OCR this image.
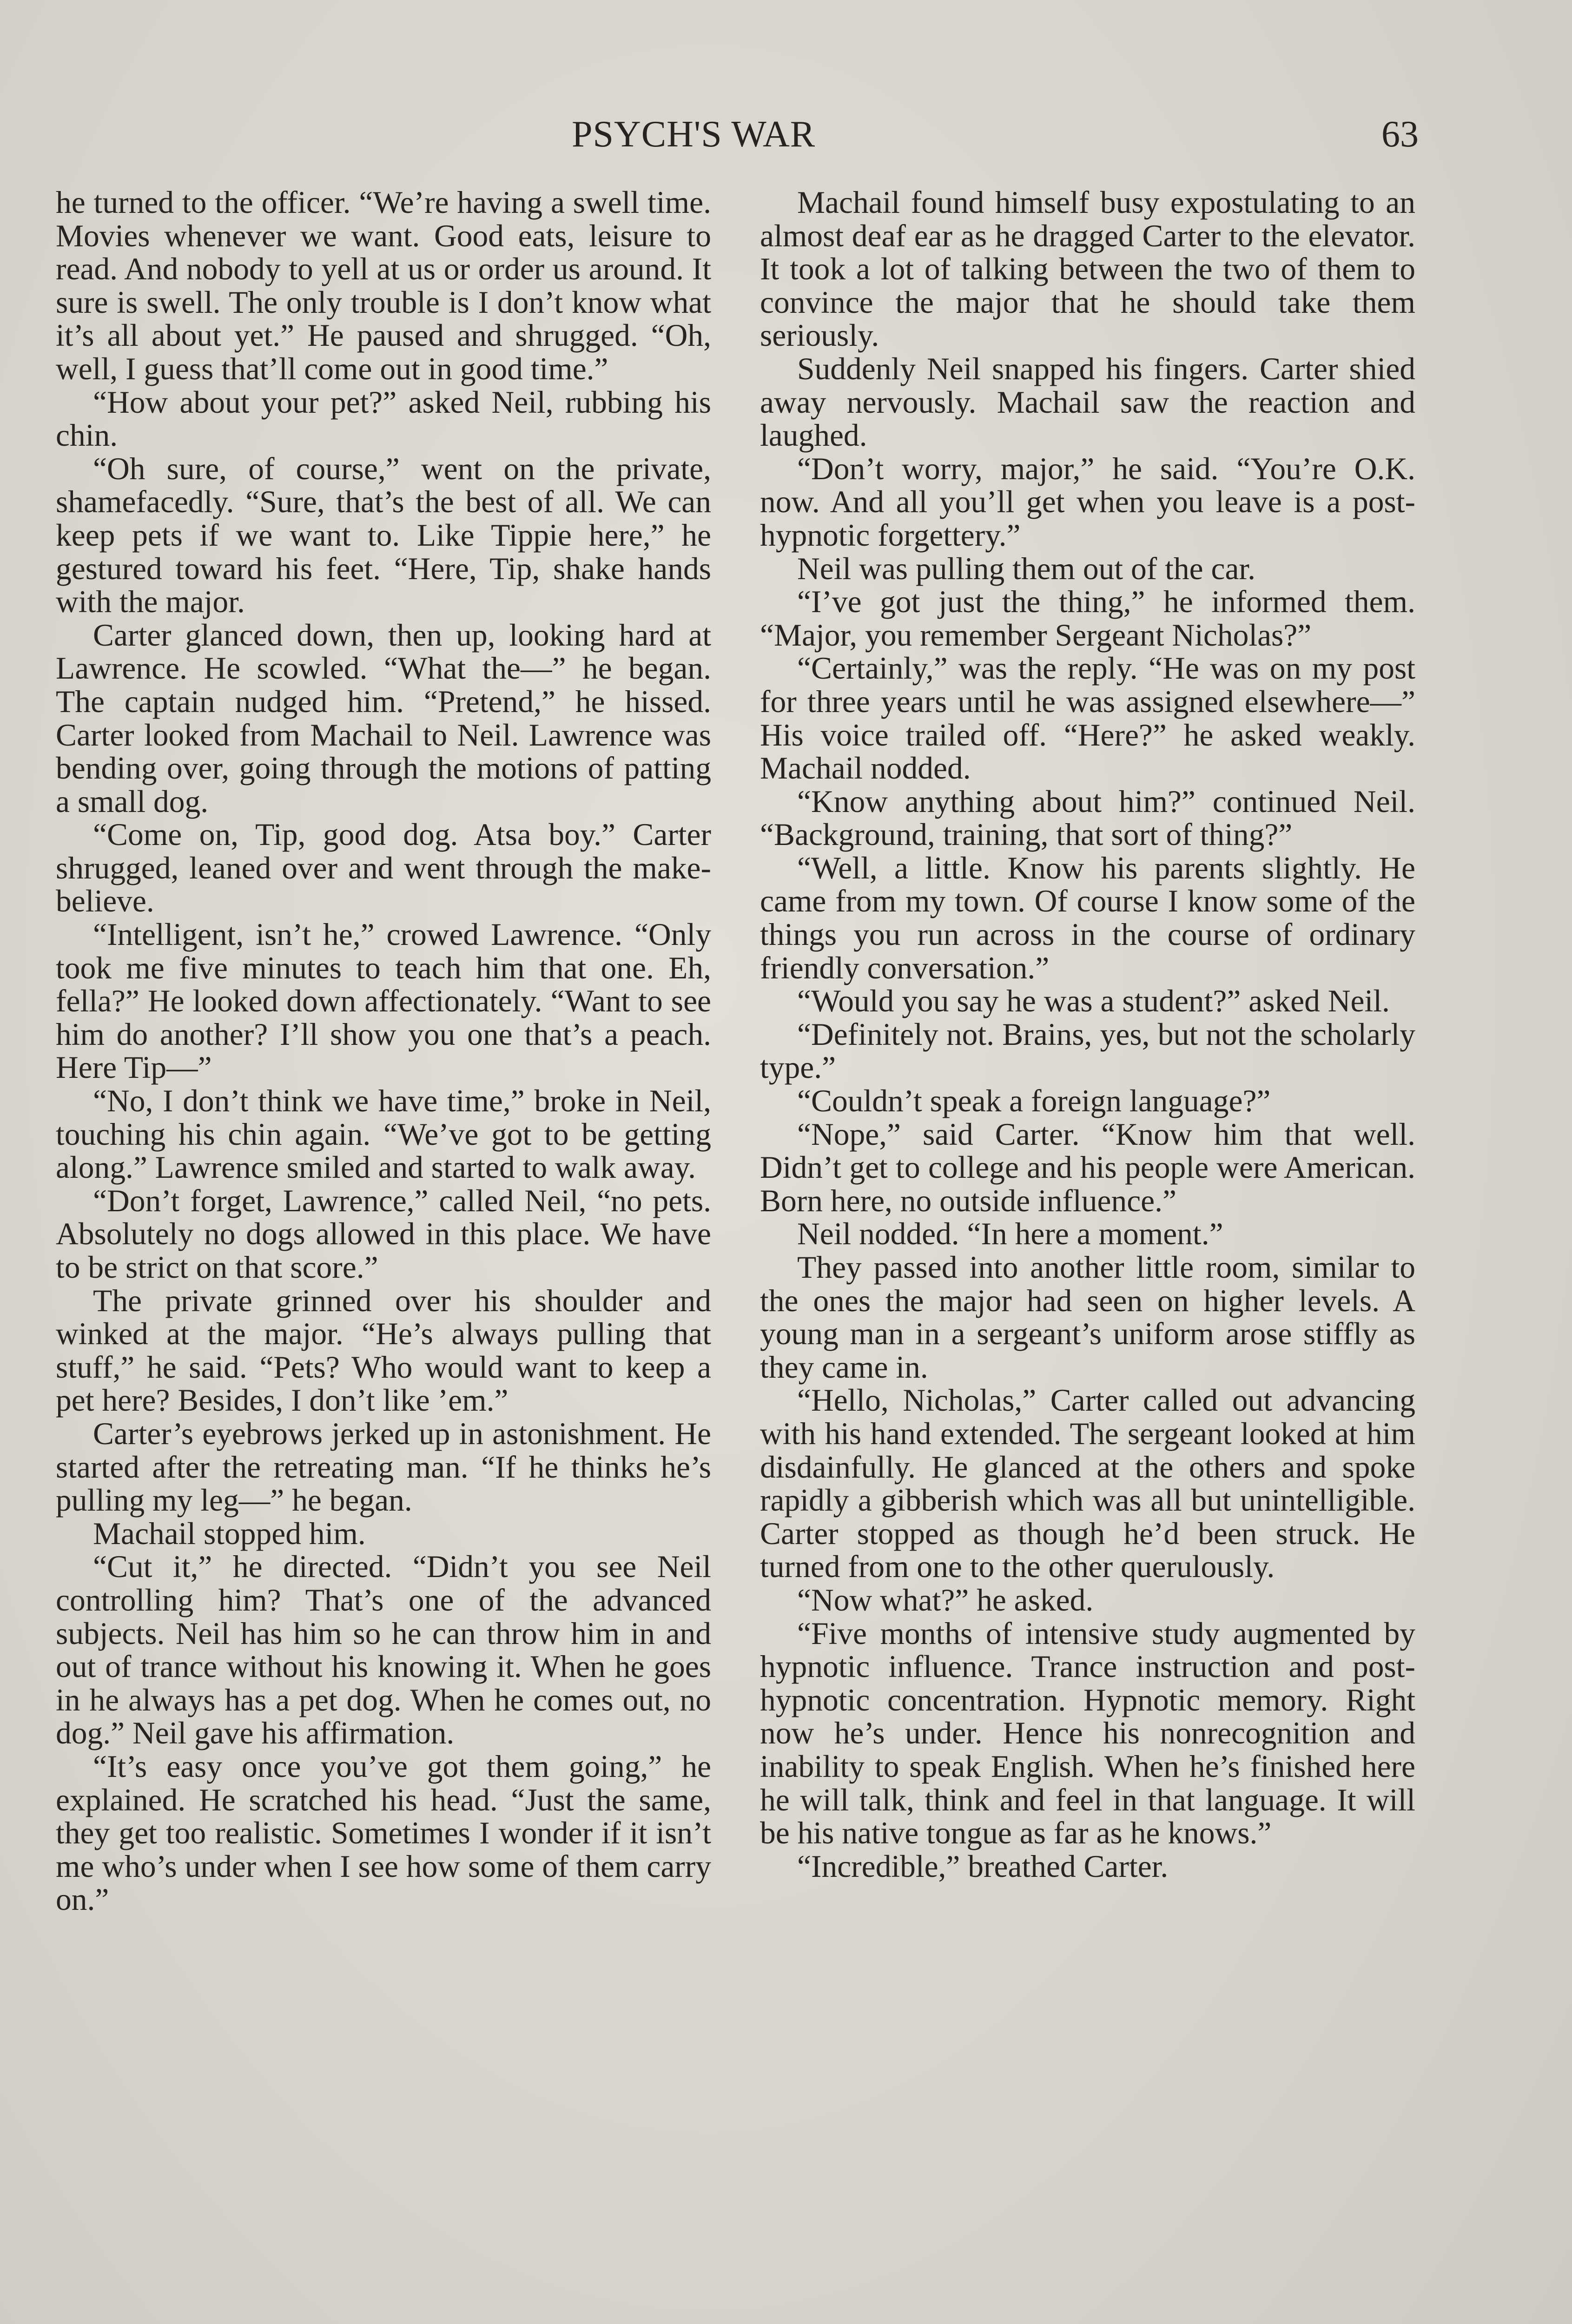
PSYCH'S WAR	63

he turned to the officer. “We’re having a swell time. Movies whenever we want. Good eats, leisure to read. And nobody to yell at us or order us around. It sure is swell. The only trouble is I don’t know what it’s all about yet.” He paused and shrugged. “Oh, well, I guess that’ll come out in good time.”

“How about your pet?” asked Neil, rubbing his chin.

“Oh sure, of course,” went on the private, shamefacedly. “Sure, that’s the best of all. We can keep pets if we want to. Like Tippie here,” he gestured toward his feet. “Here, Tip, shake hands with the major.

Carter glanced down, then up, looking hard at Lawrence. He scowled. “What the—” he began. The captain nudged him. “Pretend,” he hissed. Carter looked from Machail to Neil. Lawrence was bending over, going through the motions of patting a small dog.

“Come on, Tip, good dog. Atsa boy.” Carter shrugged, leaned over and went through the make-believe.

“Intelligent, isn’t he,” crowed Lawrence. “Only took me five minutes to teach him that one. Eh, fella?” He looked down affectionately. “Want to see him do another? I’ll show you one that’s a peach. Here Tip—”

“No, I don’t think we have time,” broke in Neil, touching his chin again. “We’ve got to be getting along.” Lawrence smiled and started to walk away.

“Don’t forget, Lawrence,” called Neil, “no pets. Absolutely no dogs allowed in this place. We have to be strict on that score.”

The private grinned over his shoulder and winked at the major. “He’s always pulling that stuff,” he said. “Pets? Who would want to keep a pet here? Besides, I don’t like ’em.”

Carter’s eyebrows jerked up in astonishment. He started after the retreating man. “If he thinks he’s pulling my leg—” he began.

Machail stopped him.

“Cut it,” he directed. “Didn’t you see Neil controlling him? That’s one of the advanced subjects. Neil has him so he can throw him in and out of trance without his knowing it. When he goes in he always has a pet dog. When he comes out, no dog.” Neil gave his affirmation.

“It’s easy once you’ve got them going,” he explained. He scratched his head. “Just the same, they get too realistic. Sometimes I wonder if it isn’t me who’s under when I see how some of them carry on.”

Machail found himself busy expostulating to an almost deaf ear as he dragged Carter to the elevator. It took a lot of talking between the two of them to convince the major that he should take them seriously.

Suddenly Neil snapped his fingers. Carter shied away nervously. Machail saw the reaction and laughed.

“Don’t worry, major,” he said. “You’re O.K. now. And all you’ll get when you leave is a post-hypnotic forgettery.”

Neil was pulling them out of the car.

“I’ve got just the thing,” he informed them. “Major, you remember Sergeant Nicholas?”

“Certainly,” was the reply. “He was on my post for three years until he was assigned elsewhere—” His voice trailed off. “Here?” he asked weakly. Machail nodded.

“Know anything about him?” continued Neil. “Background, training, that sort of thing?”

“Well, a little. Know his parents slightly. He came from my town. Of course I know some of the things you run across in the course of ordinary friendly conversation.”

“Would you say he was a student?” asked Neil.

“Definitely not. Brains, yes, but not the scholarly type.”

“Couldn’t speak a foreign language?”

“Nope,” said Carter. “Know him that well. Didn’t get to college and his people were American. Born here, no outside influence.”

Neil nodded. “In here a moment.”

They passed into another little room, similar to the ones the major had seen on higher levels. A young man in a sergeant’s uniform arose stiffly as they came in.

“Hello, Nicholas,” Carter called out advancing with his hand extended. The sergeant looked at him disdainfully. He glanced at the others and spoke rapidly a gibberish which was all but unintelligible. Carter stopped as though he’d been struck. He turned from one to the other querulously.

“Now what?” he asked.

“Five months of intensive study augmented by hypnotic influence. Trance instruction and post-hypnotic concentration. Hypnotic memory. Right now he’s under. Hence his nonrecognition and inability to speak English. When he’s finished here he will talk, think and feel in that language. It will be his native tongue as far as he knows.”

“Incredible,” breathed Carter.
